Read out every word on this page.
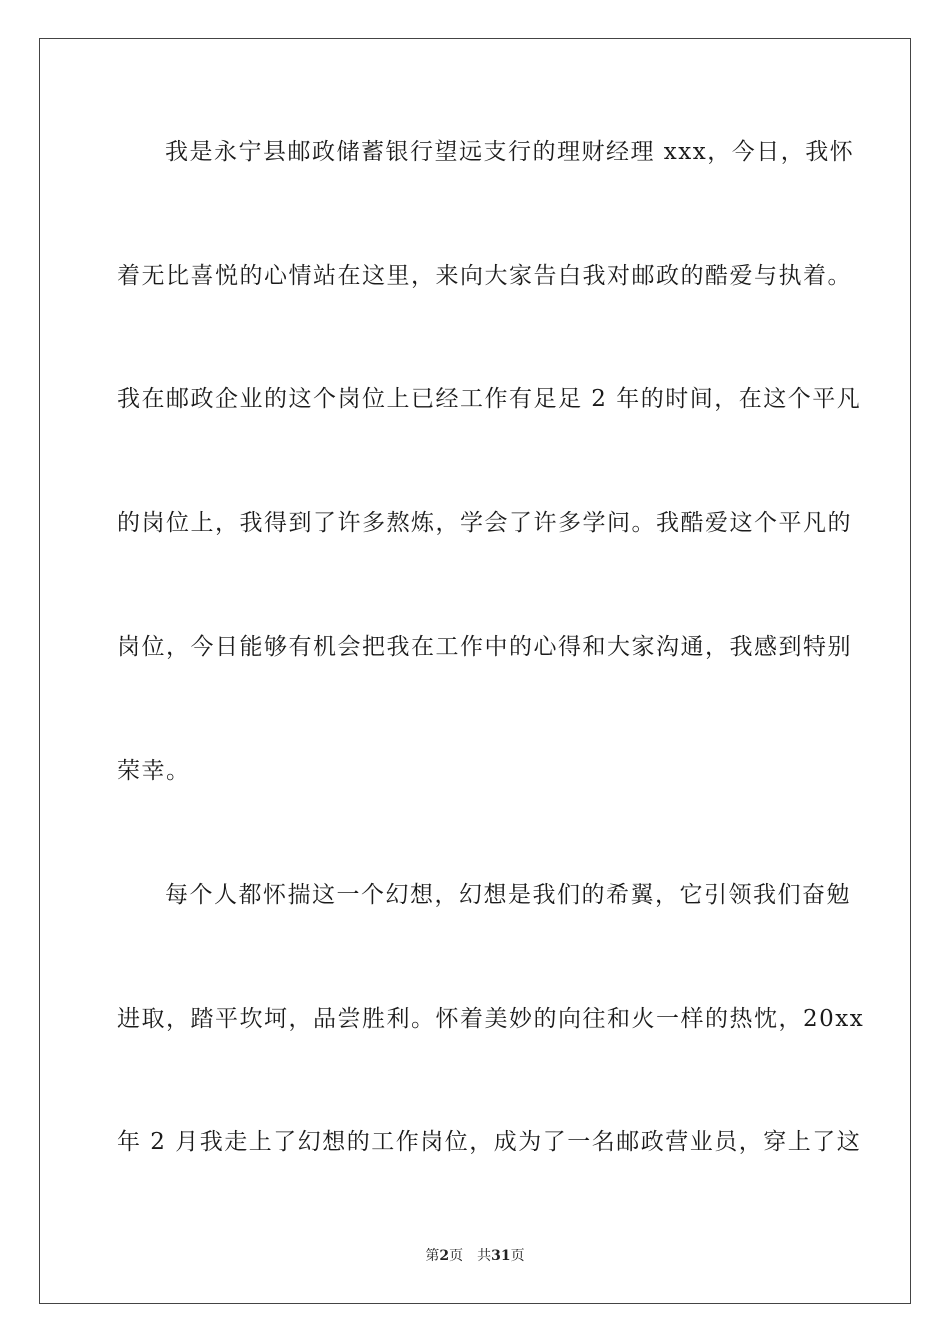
我是永宁县邮政储蓄银行望远支行的理财经理 xxx，今日，我怀
着无比喜悦的心情站在这里，来向大家告白我对邮政的酷爱与执着。
我在邮政企业的这个岗位上已经工作有足足 2 年的时间，在这个平凡
的岗位上，我得到了许多熬炼，学会了许多学问。我酷爱这个平凡的
岗位，今日能够有机会把我在工作中的心得和大家沟通，我感到特别
荣幸。
每个人都怀揣这一个幻想，幻想是我们的希翼，它引领我们奋勉
进取，踏平坎坷，品尝胜利。怀着美妙的向往和火一样的热忱，20xx
年 2 月我走上了幻想的工作岗位，成为了一名邮政营业员，穿上了这
第2页 共31页
